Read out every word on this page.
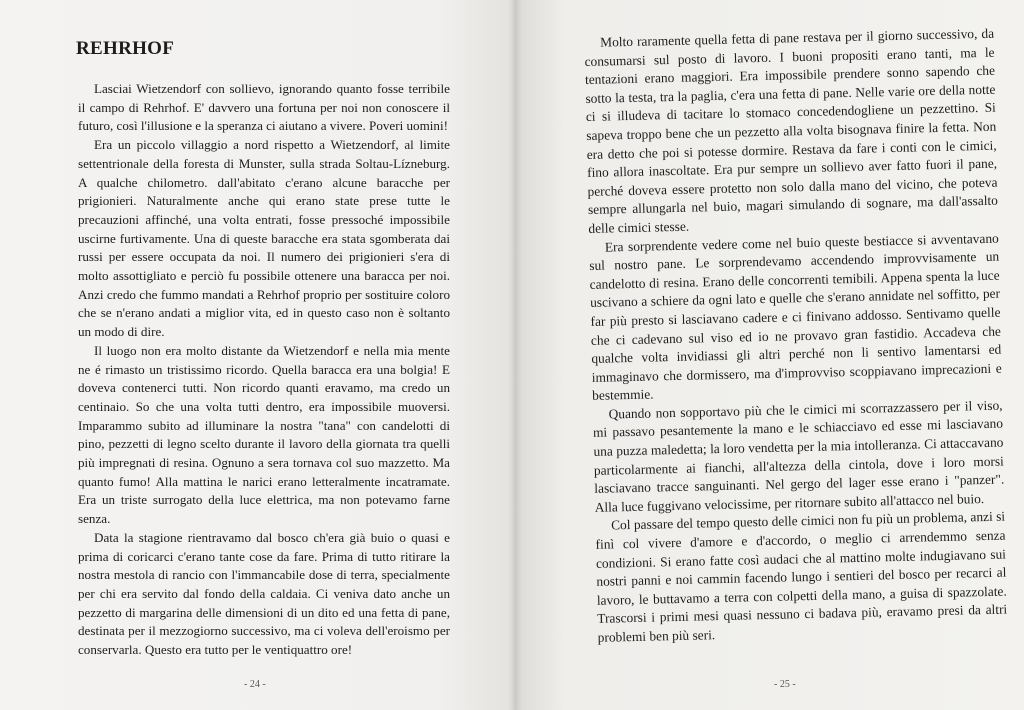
REHRHOF

Lasciai Wietzendorf con sollievo, ignorando quanto fosse terribile il campo di Rehrhof. E' davvero una fortuna per noi non conoscere il futuro, così l'illusione e la speranza ci aiutano a vivere. Poveri uomini!

Era un piccolo villaggio a nord rispetto a Wietzendorf, al limite settentrionale della foresta di Munster, sulla strada Soltau-Lízneburg. A qualche chilometro. dall'abitato c'erano alcune baracche per prigionieri. Naturalmente anche qui erano state prese tutte le precauzioni affinché, una volta entrati, fosse pressoché impossibile uscirne furtivamente. Una di queste baracche era stata sgomberata dai russi per essere occupata da noi. Il numero dei prigionieri s'era di molto assottigliato e perciò fu possibile ottenere una baracca per noi. Anzi credo che fummo mandati a Rehrhof proprio per sostituire coloro che se n'erano andati a miglior vita, ed in questo caso non è soltanto un modo di dire.

Il luogo non era molto distante da Wietzendorf e nella mia mente ne é rimasto un tristissimo ricordo. Quella baracca era una bolgia! E doveva contenerci tutti. Non ricordo quanti eravamo, ma credo un centinaio. So che una volta tutti dentro, era impossibile muoversi. Imparammo subito ad illuminare la nostra "tana" con candelotti di pino, pezzetti di legno scelto durante il lavoro della giornata tra quelli più impregnati di resina. Ognuno a sera tornava col suo mazzetto. Ma quanto fumo! Alla mattina le narici erano letteralmente incatramate. Era un triste surrogato della luce elettrica, ma non potevamo farne senza.

Data la stagione rientravamo dal bosco ch'era già buio o quasi e prima di coricarci c'erano tante cose da fare. Prima di tutto ritirare la nostra mestola di rancio con l'immancabile dose di terra, specialmente per chi era servito dal fondo della caldaia. Ci veniva dato anche un pezzetto di margarina delle dimensioni di un dito ed una fetta di pane, destinata per il mezzogiorno successivo, ma ci voleva dell'eroismo per conservarla. Questo era tutto per le ventiquattro ore!

Molto raramente quella fetta di pane restava per il giorno successivo, da consumarsi sul posto di lavoro. I buoni propositi erano tanti, ma le tentazioni erano maggiori. Era impossibile prendere sonno sapendo che sotto la testa, tra la paglia, c'era una fetta di pane. Nelle varie ore della notte ci si illudeva di tacitare lo stomaco concedendogliene un pezzettino. Si sapeva troppo bene che un pezzetto alla volta bisognava finire la fetta. Non era detto che poi si potesse dormire. Restava da fare i conti con le cimici, fino allora inascoltate. Era pur sempre un sollievo aver fatto fuori il pane, perché doveva essere protetto non solo dalla mano del vicino, che poteva sempre allungarla nel buio, magari simulando di sognare, ma dall'assalto delle cimici stesse.

Era sorprendente vedere come nel buio queste bestiacce si avventavano sul nostro pane. Le sorprendevamo accendendo improvvisamente un candelotto di resina. Erano delle concorrenti temibili. Appena spenta la luce uscivano a schiere da ogni lato e quelle che s'erano annidate nel soffitto, per far più presto si lasciavano cadere e ci finivano addosso. Sentivamo quelle che ci cadevano sul viso ed io ne provavo gran fastidio. Accadeva che qualche volta invidiassi gli altri perché non li sentivo lamentarsi ed immaginavo che dormissero, ma d'improvviso scoppiavano imprecazioni e bestemmie.

Quando non sopportavo più che le cimici mi scorrazzassero per il viso, mi passavo pesantemente la mano e le schiacciavo ed esse mi lasciavano una puzza maledetta; la loro vendetta per la mia intolleranza. Ci attaccavano particolarmente ai fianchi, all'altezza della cintola, dove i loro morsi lasciavano tracce sanguinanti. Nel gergo del lager esse erano i "panzer". Alla luce fuggivano velocissime, per ritornare subito all'attacco nel buio.

Col passare del tempo questo delle cimici non fu più un problema, anzi si finì col vivere d'amore e d'accordo, o meglio ci arrendemmo senza condizioni. Si erano fatte così audaci che al mattino molte indugiavano sui nostri panni e noi cammin facendo lungo i sentieri del bosco per recarci al lavoro, le buttavamo a terra con colpetti della mano, a guisa di spazzolate. Trascorsi i primi mesi quasi nessuno ci badava più, eravamo presi da altri problemi ben più seri.

- 24 -	- 25 -
